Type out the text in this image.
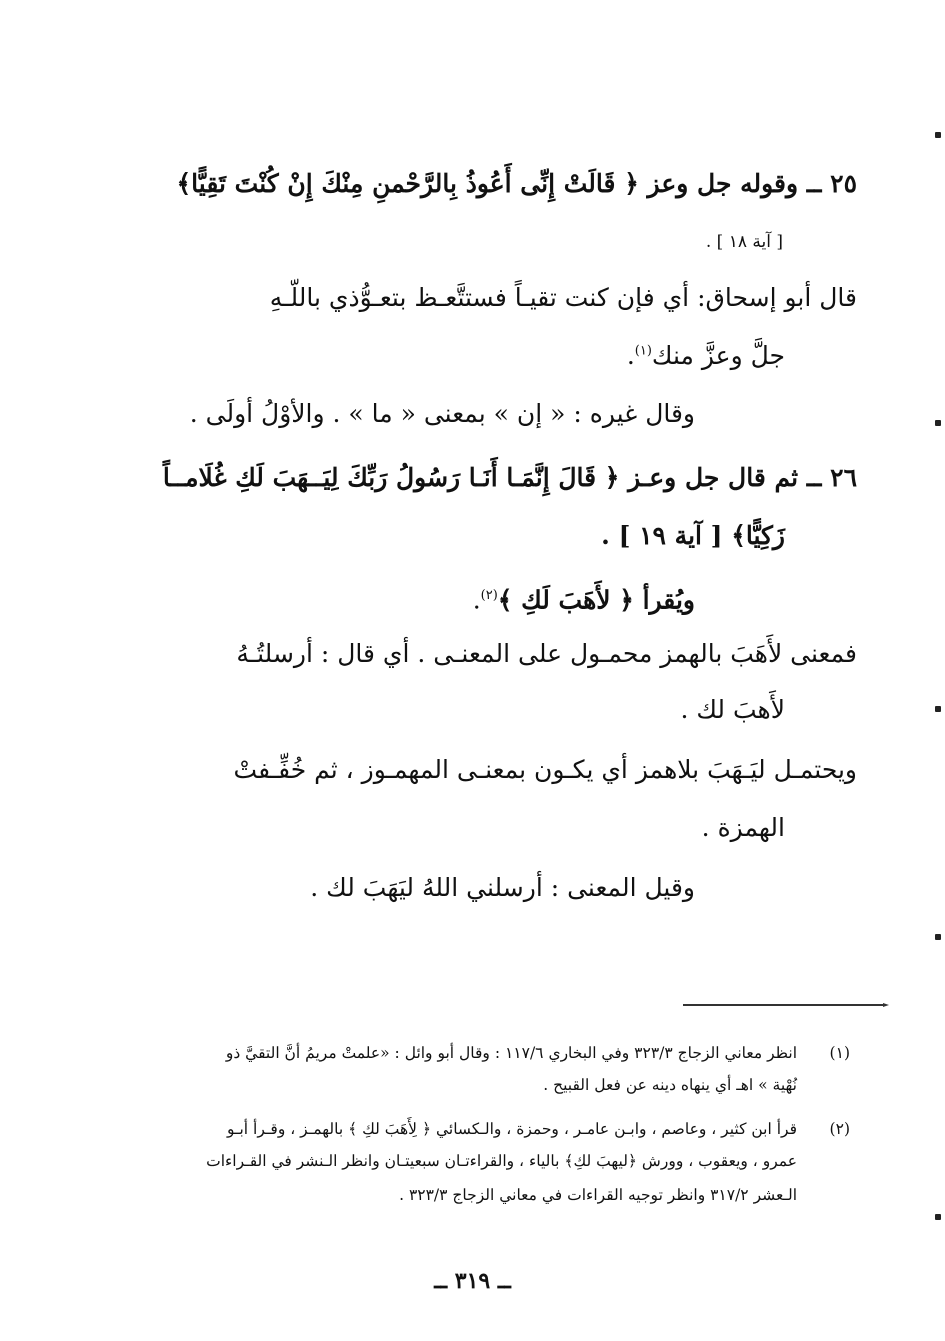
٢٥ ــ وقوله جل وعز ﴿ قَالَتْ إِنِّى أَعُوذُ بِالرَّحْمنِ مِنْكَ إِنْ كُنْتَ تَقِيًّا﴾
[ آية ١٨ ] .
قال أبو إسحاق: أي فإن كنت تقيـاً فستتَّعـظ بتعـوُّذي باللّـهِ
جلَّ وعزَّ منك$^{(١)}$.
وقال غيره : « إن » بمعنى « ما » . والأوْلُ أولَى .
٢٦ ــ ثم قال جل وعـز ﴿ قَالَ إِنَّمَـا أَنَـا رَسُولُ رَبِّكَ لِيَــهَبَ لَكِ غُلَامــاً
زَكِيًّا﴾ [ آية ١٩ ] .
ويُقرأ ﴿ لأَهَبَ لَكِ ﴾$^{(٢)}$.
فمعنى لأَهَبَ بالهمز محمـول على المعنـى . أي قال : أرسلتُـهُ
لأَهبَ لك .
ويحتمـل ليَـهَبَ بلاهمز أي يكـون بمعنـى المهمـوز ، ثم خُفِّـفتْ
الهمزة .
وقيل المعنى : أرسلني اللهُ ليَهَبَ لك .
(١)
انظر معاني الزجاج ٣٢٣/٣ وفي البخاري ١١٧/٦ : وقال أبو وائل : «علمتْ مريمُ أنَّ التقيَّ ذو
نُهْية » اهـ أي ينهاه دينه عن فعل القبيح .
(٢)
قرأ ابن كثير ، وعاصم ، وابـن عامـر ، وحمزة ، والـكسائي ﴿ لِأَهَبَ لكِ ﴾ بالهمـز ، وقـرأ أبـو
عمرو ، ويعقوب ، وورش ﴿ليهبَ لكِ﴾ بالياء ، والقراءتـان سبعيتـان وانظر الـنشر في القـراءات
الـعشر ٣١٧/٢ وانظر توجيه القراءات في معاني الزجاج ٣٢٣/٣ .
ــ ٣١٩ ــ
